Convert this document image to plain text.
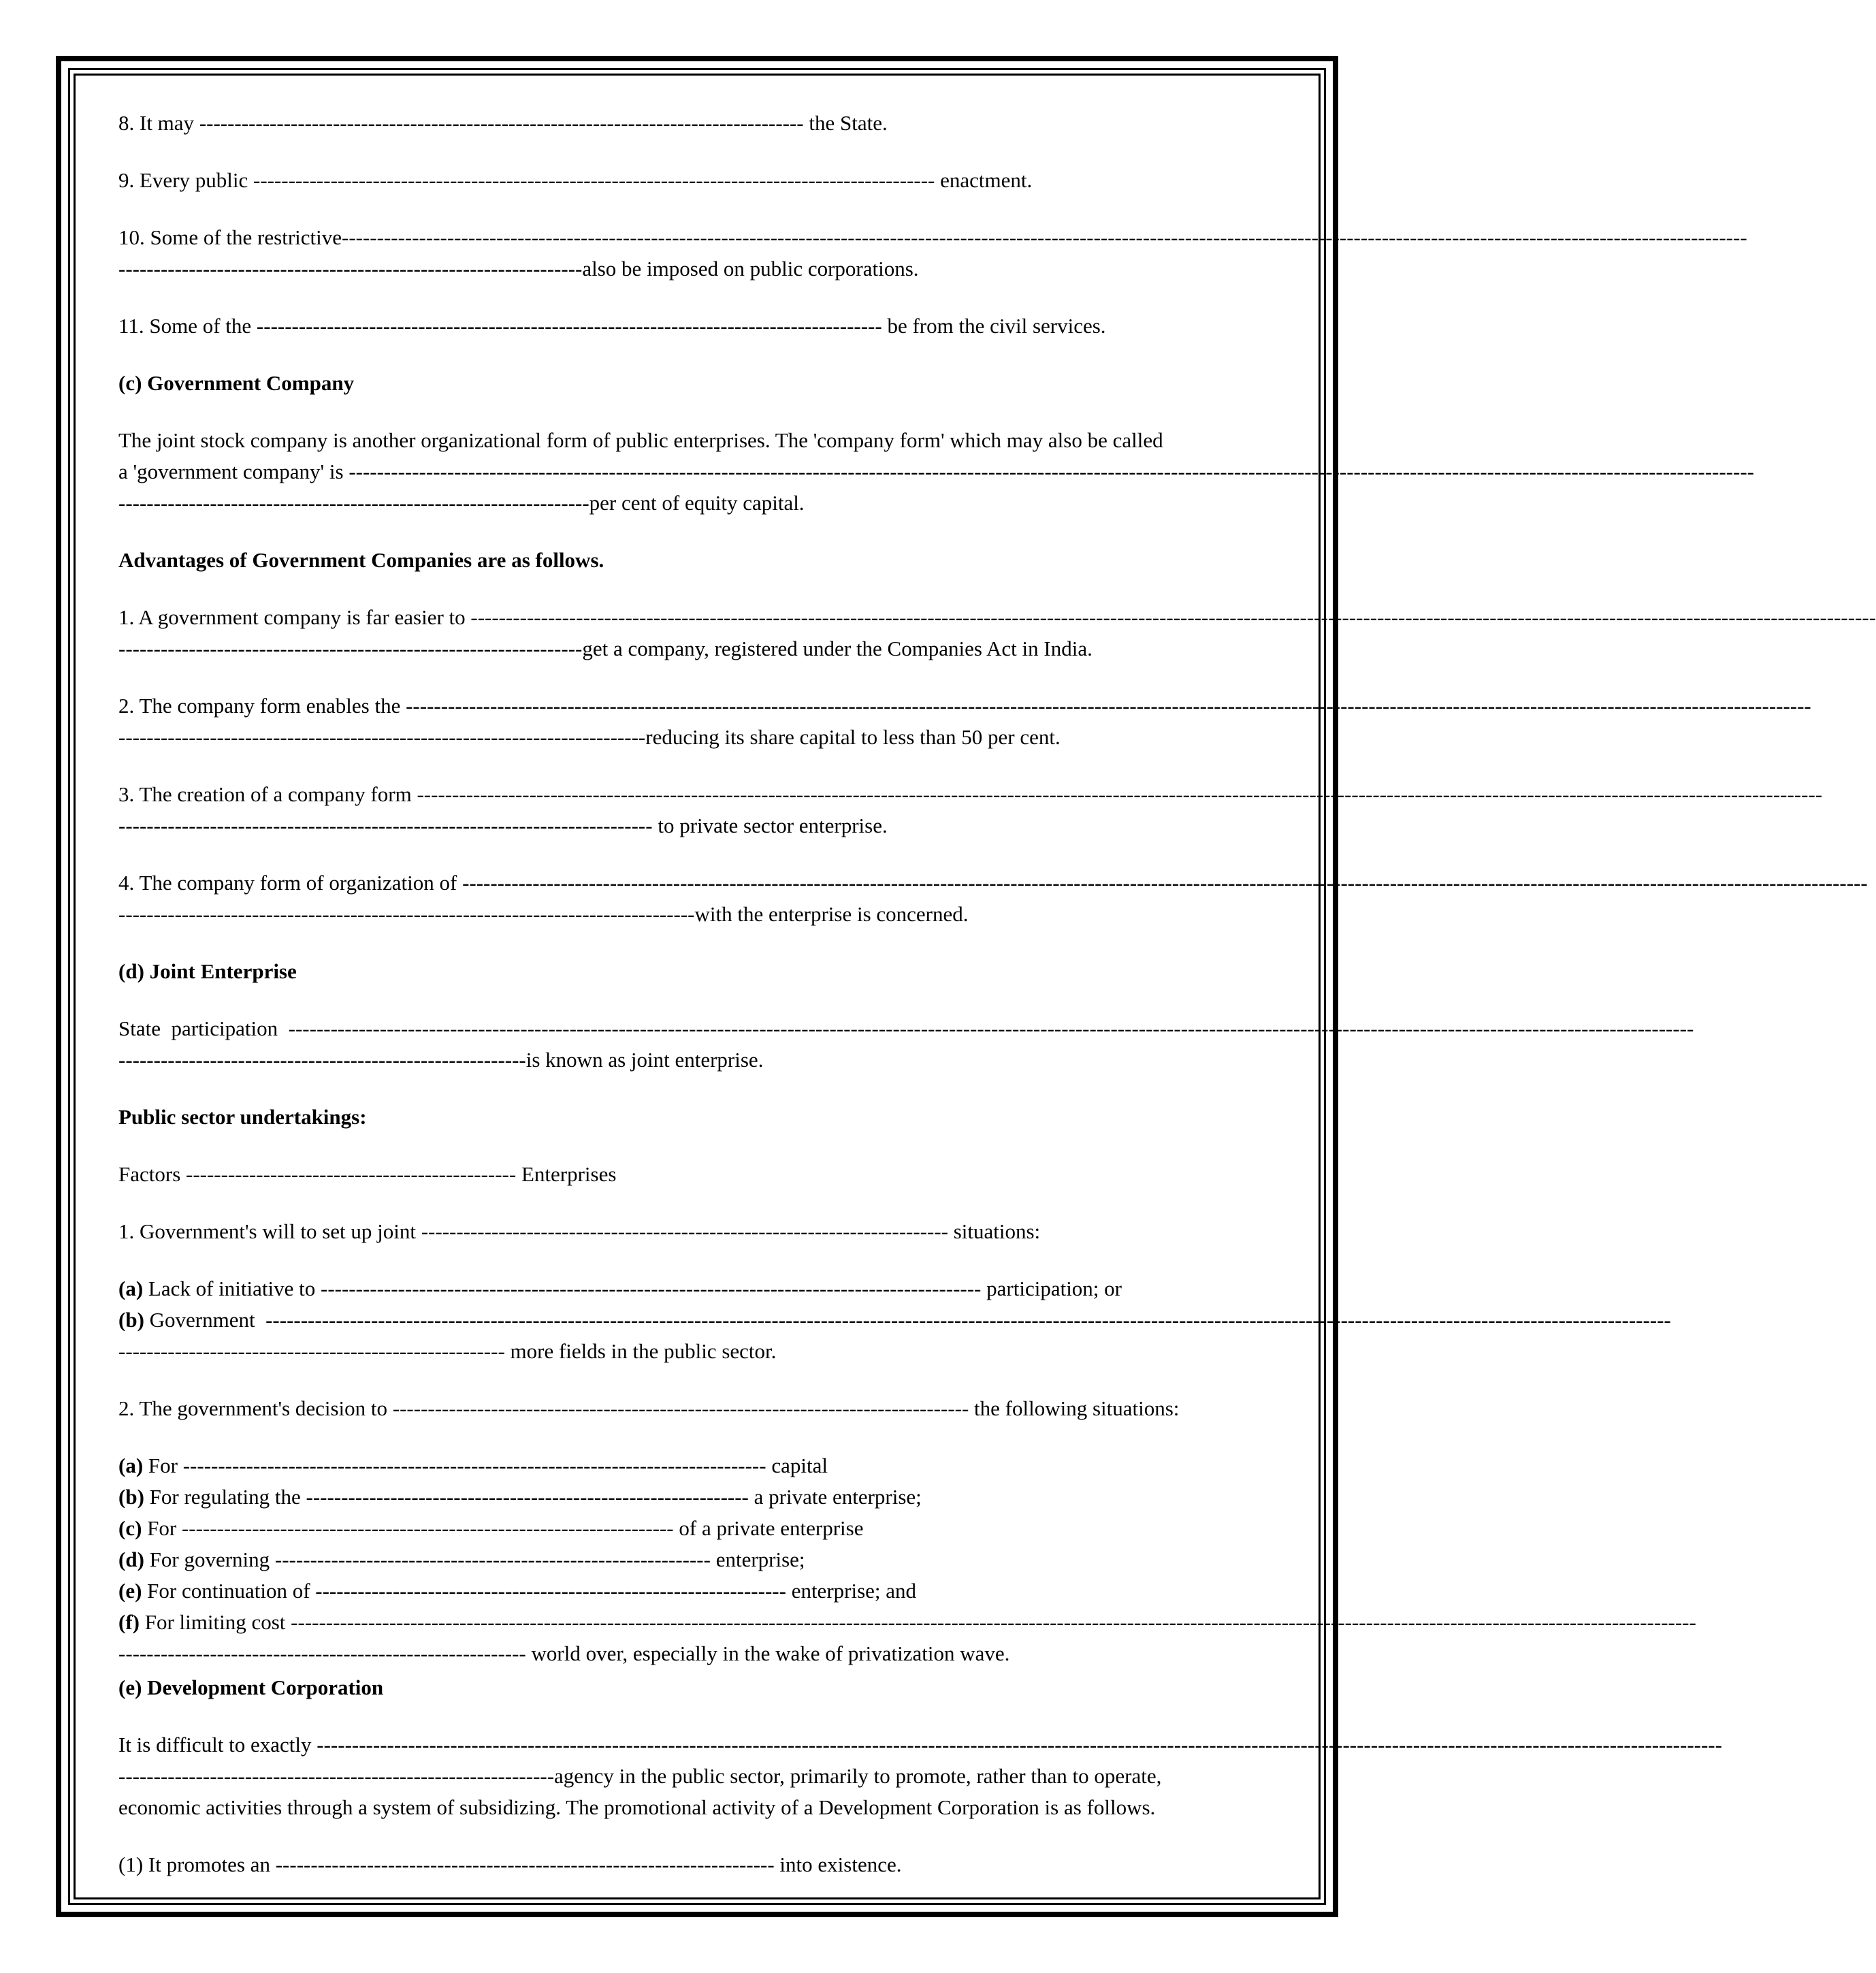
8. It may -------------------------------------------------------------------------------------- the State.
9. Every public ------------------------------------------------------------------------------------------------- enactment.
10. Some of the restrictive --------------------------------------------------------------------------------------------------------------------------------------------------------------------------------------------------------
------------------------------------------------------------------also be imposed on public corporations.
11. Some of the ----------------------------------------------------------------------------------------- be from the civil services.
(c) Government Company
The joint stock company is another organizational form of public enterprises. The 'company form' which may also be called
a 'government company' is
--------------------------------------------------------------------------------------------------------------------------------------------------------------------------------------------------------
-------------------------------------------------------------------per cent of equity capital.
Advantages of Government Companies are as follows.
1. A government company is far easier to
--------------------------------------------------------------------------------------------------------------------------------------------------------------------------------------------------------
------------------------------------------------------------------get a company, registered under the Companies Act in India.
2. The company form enables the
--------------------------------------------------------------------------------------------------------------------------------------------------------------------------------------------------------
---------------------------------------------------------------------------reducing its share capital to less than 50 per cent.
3. The creation of a company form
--------------------------------------------------------------------------------------------------------------------------------------------------------------------------------------------------------
---------------------------------------------------------------------------- to private sector enterprise.
4. The company form of organization of
--------------------------------------------------------------------------------------------------------------------------------------------------------------------------------------------------------
----------------------------------------------------------------------------------with the enterprise is concerned.
(d) Joint Enterprise
State  participation
--------------------------------------------------------------------------------------------------------------------------------------------------------------------------------------------------------
----------------------------------------------------------is known as joint enterprise.
Public sector undertakings:
Factors ----------------------------------------------- Enterprises
1. Government's will to set up joint --------------------------------------------------------------------------- situations:
(a) Lack of initiative to ---------------------------------------------------------------------------------------------- participation; or
(b) Government --------------------------------------------------------------------------------------------------------------------------------------------------------------------------------------------------------
------------------------------------------------------- more fields in the public sector.
2. The government's decision to ---------------------------------------------------------------------------------- the following situations:
(a) For ----------------------------------------------------------------------------------- capital
(b) For regulating the --------------------------------------------------------------- a private enterprise;
(c) For ---------------------------------------------------------------------- of a private enterprise
(d) For governing -------------------------------------------------------------- enterprise;
(e) For continuation of ------------------------------------------------------------------- enterprise; and
(f) For limiting cost --------------------------------------------------------------------------------------------------------------------------------------------------------------------------------------------------------
---------------------------------------------------------- world over, especially in the wake of privatization wave.
(e) Development Corporation
It is difficult to exactly
--------------------------------------------------------------------------------------------------------------------------------------------------------------------------------------------------------
--------------------------------------------------------------agency in the public sector, primarily to promote, rather than to operate,
economic activities through a system of subsidizing. The promotional activity of a Development Corporation is as follows.
(1) It promotes an ----------------------------------------------------------------------- into existence.
